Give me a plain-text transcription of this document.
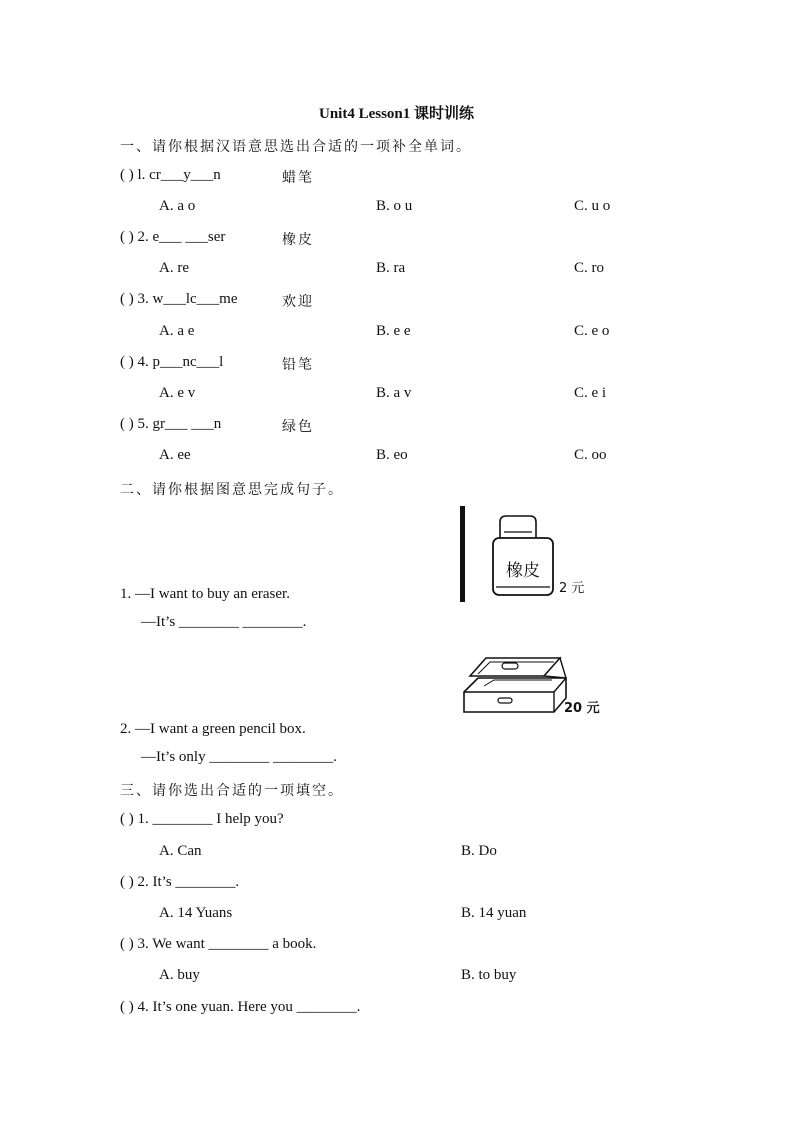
Unit4 Lesson1 课时训练
一、请你根据汉语意思选出合适的一项补全单词。
( ) l. cr___y___n	蜡笔
A. a o	B. o u	C. u o
( ) 2. e___ ___ser	橡皮
A. re	B. ra	C. ro
( ) 3. w___lc___me	欢迎
A. a e	B. e e	C. e o
( ) 4. p___nc___l	铅笔
A. e v	B. a v	C. e i
( ) 5. gr___ ___n	绿色
A. ee	B. eo	C. oo
二、请你根据图意思完成句子。
橡皮
2 元
1. —I want to buy an eraser.
—It’s ________ ________.
20 元
2. —I want a green pencil box.
—It’s only ________ ________.
三、请你选出合适的一项填空。
( ) 1. ________ I help you?
A. Can	B. Do
( ) 2. It’s ________.
A. 14 Yuans	B. 14 yuan
( ) 3. We want ________ a book.
A. buy	B. to buy
( ) 4. It’s one yuan. Here you ________.
